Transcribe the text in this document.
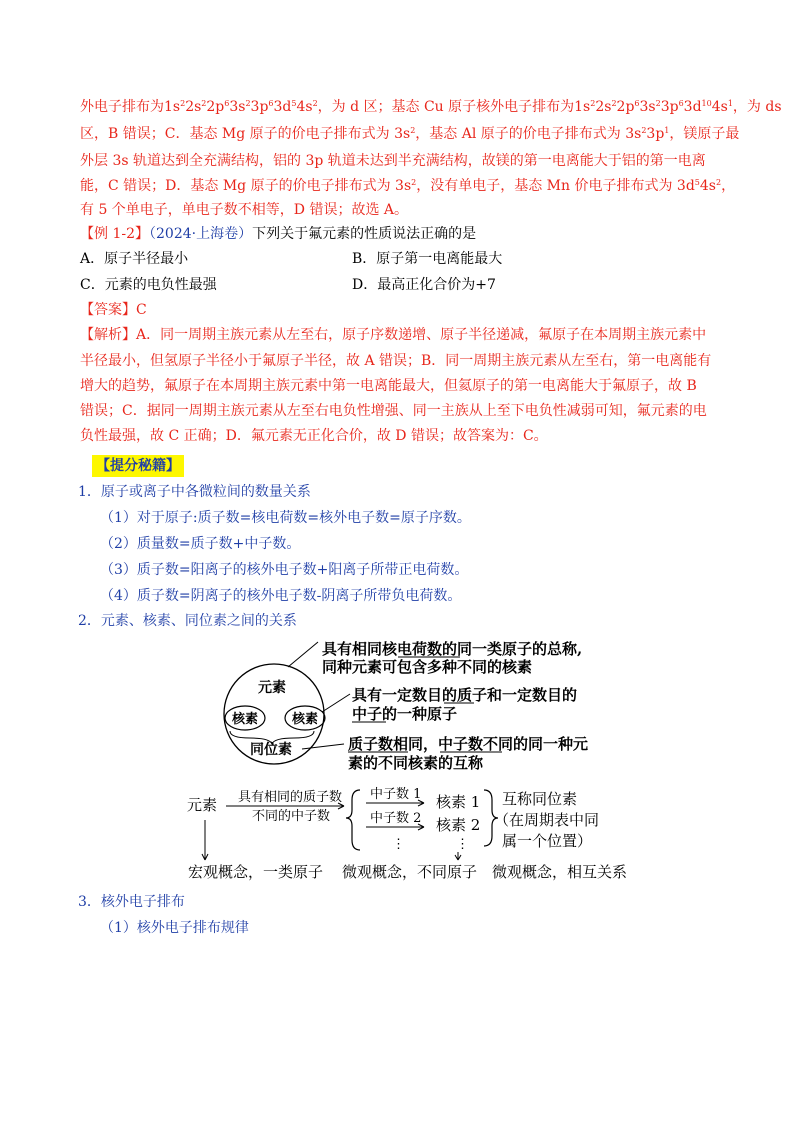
外电子排布为$1s^22s^22p^63s^23p^63d^54s^2$，为 d 区；基态 Cu 原子核外电子排布为$1s^22s^22p^63s^23p^63d^{10}4s^1$，为 ds
区，B 错误；C．基态 Mg 原子的价电子排布式为 $3s^2$，基态 Al 原子的价电子排布式为 $3s^23p^1$，镁原子最
外层 3s 轨道达到全充满结构，铝的 3p 轨道未达到半充满结构，故镁的第一电离能大于铝的第一电离
能，C 错误；D．基态 Mg 原子的价电子排布式为 $3s^2$，没有单电子，基态 Mn 价电子排布式为 $3d^54s^2$，
有 5 个单电子，单电子数不相等，D 错误；故选 A。
【例 1-2】（2024·上海卷）下列关于氟元素的性质说法正确的是
A．原子半径最小	B．原子第一电离能最大
C．元素的电负性最强	D．最高正化合价为+7
【答案】C
【解析】A．同一周期主族元素从左至右，原子序数递增、原子半径递减，氟原子在本周期主族元素中
半径最小，但氢原子半径小于氟原子半径，故 A 错误；B．同一周期主族元素从左至右，第一电离能有
增大的趋势，氟原子在本周期主族元素中第一电离能最大，但氦原子的第一电离能大于氟原子，故 B
错误；C．据同一周期主族元素从左至右电负性增强、同一主族从上至下电负性减弱可知，氟元素的电
负性最强，故 C 正确；D．氟元素无正化合价，故 D 错误；故答案为：C。
【提分秘籍】
1．原子或离子中各微粒间的数量关系
（1）对于原子:质子数=核电荷数=核外电子数=原子序数。
（2）质量数=质子数+中子数。
（3）质子数=阳离子的核外电子数+阳离子所带正电荷数。
（4）质子数=阴离子的核外电子数-阴离子所带负电荷数。
2．元素、核素、同位素之间的关系
具有相同核电荷数的同一类原子的总称,
同种元素可包含多种不同的核素
元素
核素	核素
具有一定数目的质子和一定数目的
中子的一种原子
同位素	质子数相同，中子数不同的同一种元
素的不同核素的互称
元素 具有相同的质子数
不同的中子数
中子数 1 核素 1
中子数 2 核素 2
⋮	⋮
互称同位素
（在周期表中同
属一个位置）
宏观概念，一类原子 微观概念，不同原子 微观概念，相互关系
3．核外电子排布
（1）核外电子排布规律
